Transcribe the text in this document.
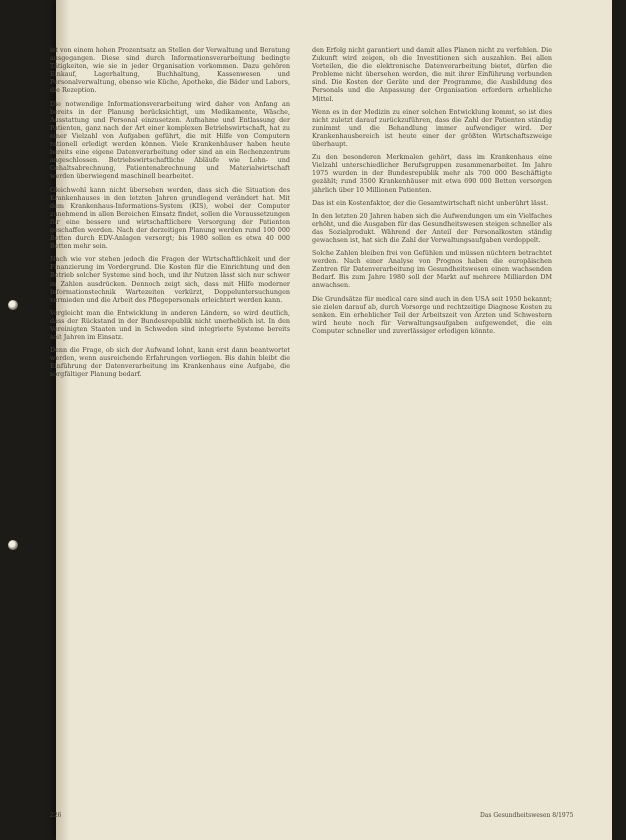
ist von einem hohen Prozentsatz an Stellen der Verwaltung und Beratung ausgegangen. Diese sind durch Informationsverarbeitung bedingte Tätigkeiten, wie sie in jeder Organisation vorkommen. Dazu gehören Einkauf, Lagerhaltung, Buchhaltung, Kassenwesen und Personalverwaltung, ebenso wie Küche, Apotheke, die Bäder und Labors, die Rezeption.

Die notwendige Informationsverarbeitung wird daher von Anfang an bereits in der Planung berücksichtigt, um Medikamente, Wäsche, Ausstattung und Personal einzusetzen. Aufnahme und Entlassung der Patienten, ganz nach der Art einer komplexen Betriebswirtschaft, hat zu einer Vielzahl von Aufgaben geführt, die mit Hilfe von Computern rationell erledigt werden können. Viele Krankenhäuser haben heute bereits eine eigene Datenverarbeitung oder sind an ein Rechenzentrum angeschlossen. Betriebswirtschaftliche Abläufe wie Lohn- und Gehaltsabrechnung, Patientenabrechnung und Materialwirtschaft werden überwiegend maschinell bearbeitet.

Gleichwohl kann nicht übersehen werden, dass sich die Situation des Krankenhauses in den letzten Jahren grundlegend verändert hat. Mit dem Krankenhaus-Informations-System (KIS), wobei der Computer zunehmend in allen Bereichen Einsatz findet, sollen die Voraussetzungen für eine bessere und wirtschaftlichere Versorgung der Patienten geschaffen werden. Nach der derzeitigen Planung werden rund 100 000 Betten durch EDV-Anlagen versorgt; bis 1980 sollen es etwa 40 000 Betten mehr sein.

Nach wie vor stehen jedoch die Fragen der Wirtschaftlichkeit und der Finanzierung im Vordergrund. Die Kosten für die Einrichtung und den Betrieb solcher Systeme sind hoch, und ihr Nutzen lässt sich nur schwer in Zahlen ausdrücken. Dennoch zeigt sich, dass mit Hilfe moderner Informationstechnik Wartezeiten verkürzt, Doppeluntersuchungen vermieden und die Arbeit des Pflegepersonals erleichtert werden kann.

Vergleicht man die Entwicklung in anderen Ländern, so wird deutlich, dass der Rückstand in der Bundesrepublik nicht unerheblich ist. In den Vereinigten Staaten und in Schweden sind integrierte Systeme bereits seit Jahren im Einsatz.

Denn die Frage, ob sich der Aufwand lohnt, kann erst dann beantwortet werden, wenn ausreichende Erfahrungen vorliegen. Bis dahin bleibt die Einführung der Datenverarbeitung im Krankenhaus eine Aufgabe, die sorgfältiger Planung bedarf.

den Erfolg nicht garantiert und damit alles Planen nicht zu verfehlen. Die Zukunft wird zeigen, ob die Investitionen sich auszahlen. Bei allen Vorteilen, die die elektronische Datenverarbeitung bietet, dürfen die Probleme nicht übersehen werden, die mit ihrer Einführung verbunden sind. Die Kosten der Geräte und der Programme, die Ausbildung des Personals und die Anpassung der Organisation erfordern erhebliche Mittel.

Wenn es in der Medizin zu einer solchen Entwicklung kommt, so ist dies nicht zuletzt darauf zurückzuführen, dass die Zahl der Patienten ständig zunimmt und die Behandlung immer aufwendiger wird. Der Krankenhausbereich ist heute einer der größten Wirtschaftszweige überhaupt.

Zu den besonderen Merkmalen gehört, dass im Krankenhaus eine Vielzahl unterschiedlicher Berufsgruppen zusammenarbeitet. Im Jahre 1975 wurden in der Bundesrepublik mehr als 700 000 Beschäftigte gezählt; rund 3500 Krankenhäuser mit etwa 690 000 Betten versorgen jährlich über 10 Millionen Patienten.

Das ist ein Kostenfaktor, der die Gesamtwirtschaft nicht unberührt lässt.

In den letzten 20 Jahren haben sich die Aufwendungen um ein Vielfaches erhöht, und die Ausgaben für das Gesundheitswesen steigen schneller als das Sozialprodukt. Während der Anteil der Personalkosten ständig gewachsen ist, hat sich die Zahl der Verwaltungsaufgaben verdoppelt.

Solche Zahlen bleiben frei von Gefühlen und müssen nüchtern betrachtet werden. Nach einer Analyse von Prognos haben die europäischen Zentren für Datenverarbeitung im Gesundheitswesen einen wachsenden Bedarf. Bis zum Jahre 1980 soll der Markt auf mehrere Milliarden DM anwachsen.

Die Grundsätze für medical care sind auch in den USA seit 1950 bekannt; sie zielen darauf ab, durch Vorsorge und rechtzeitige Diagnose Kosten zu senken. Ein erheblicher Teil der Arbeitszeit von Ärzten und Schwestern wird heute noch für Verwaltungsaufgaben aufgewendet, die ein Computer schneller und zuverlässiger erledigen könnte.

226	Das Gesundheitswesen 8/1975
